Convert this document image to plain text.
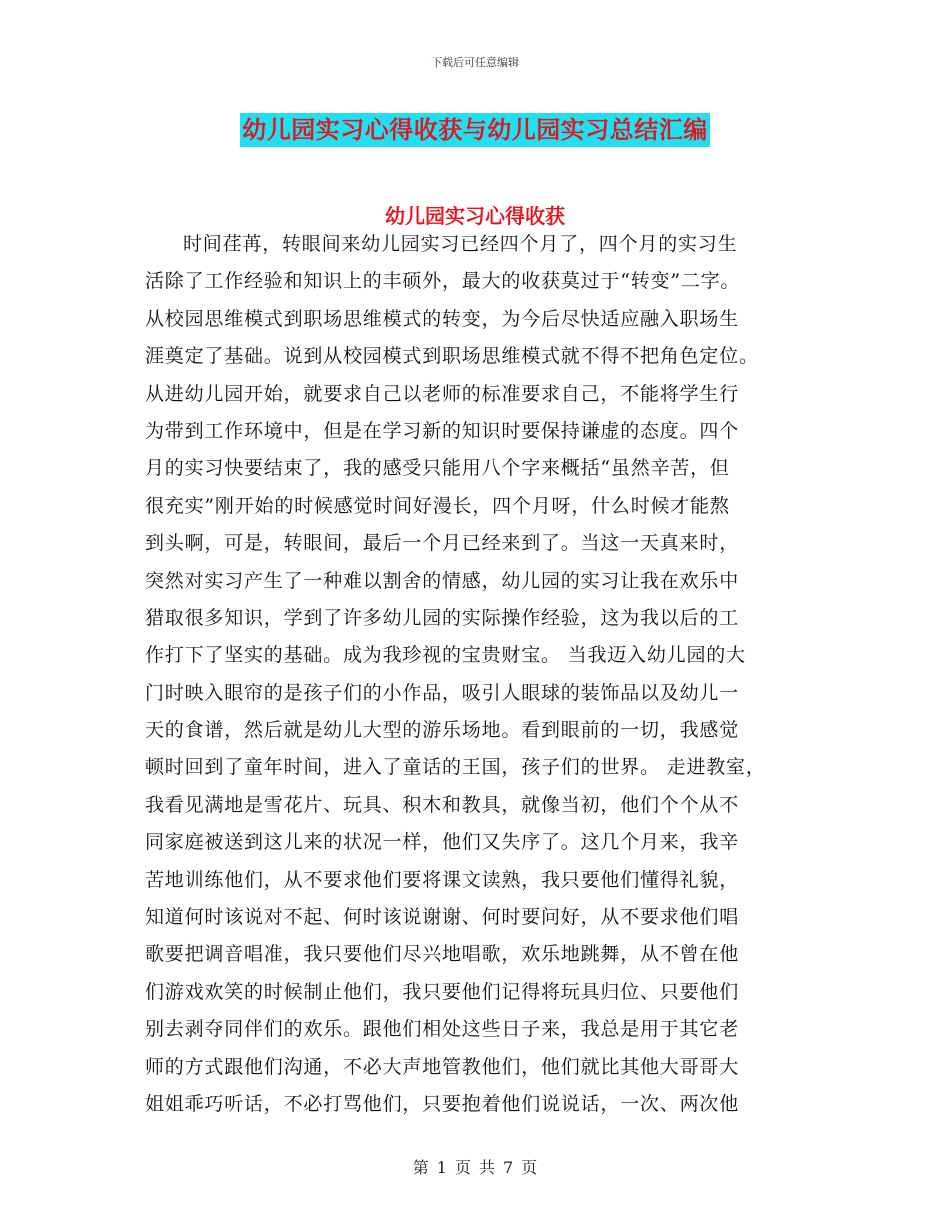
下载后可任意编辑
幼儿园实习心得收获与幼儿园实习总结汇编
幼儿园实习心得收获
时间荏苒，转眼间来幼儿园实习已经四个月了，四个月的实习生
活除了工作经验和知识上的丰硕外，最大的收获莫过于“转变”二字。
从校园思维模式到职场思维模式的转变，为今后尽快适应融入职场生
涯奠定了基础。说到从校园模式到职场思维模式就不得不把角色定位。
从进幼儿园开始，就要求自己以老师的标准要求自己，不能将学生行
为带到工作环境中，但是在学习新的知识时要保持谦虚的态度。四个
月的实习快要结束了，我的感受只能用八个字来概括“虽然辛苦，但
很充实”刚开始的时候感觉时间好漫长，四个月呀，什么时候才能熬
到头啊，可是，转眼间，最后一个月已经来到了。当这一天真来时，
突然对实习产生了一种难以割舍的情感，幼儿园的实习让我在欢乐中
猎取很多知识，学到了许多幼儿园的实际操作经验，这为我以后的工
作打下了坚实的基础。成为我珍视的宝贵财宝。 当我迈入幼儿园的大
门时映入眼帘的是孩子们的小作品，吸引人眼球的装饰品以及幼儿一
天的食谱，然后就是幼儿大型的游乐场地。看到眼前的一切，我感觉
顿时回到了童年时间，进入了童话的王国，孩子们的世界。 走进教室，
我看见满地是雪花片、玩具、积木和教具，就像当初，他们个个从不
同家庭被送到这儿来的状况一样，他们又失序了。这几个月来，我辛
苦地训练他们，从不要求他们要将课文读熟，我只要他们懂得礼貌，
知道何时该说对不起、何时该说谢谢、何时要问好，从不要求他们唱
歌要把调音唱准，我只要他们尽兴地唱歌，欢乐地跳舞，从不曾在他
们游戏欢笑的时候制止他们，我只要他们记得将玩具归位、只要他们
别去剥夺同伴们的欢乐。跟他们相处这些日子来，我总是用于其它老
师的方式跟他们沟通，不必大声地管教他们，他们就比其他大哥哥大
姐姐乖巧听话，不必打骂他们，只要抱着他们说说话，一次、两次他
第 1 页 共 7 页
